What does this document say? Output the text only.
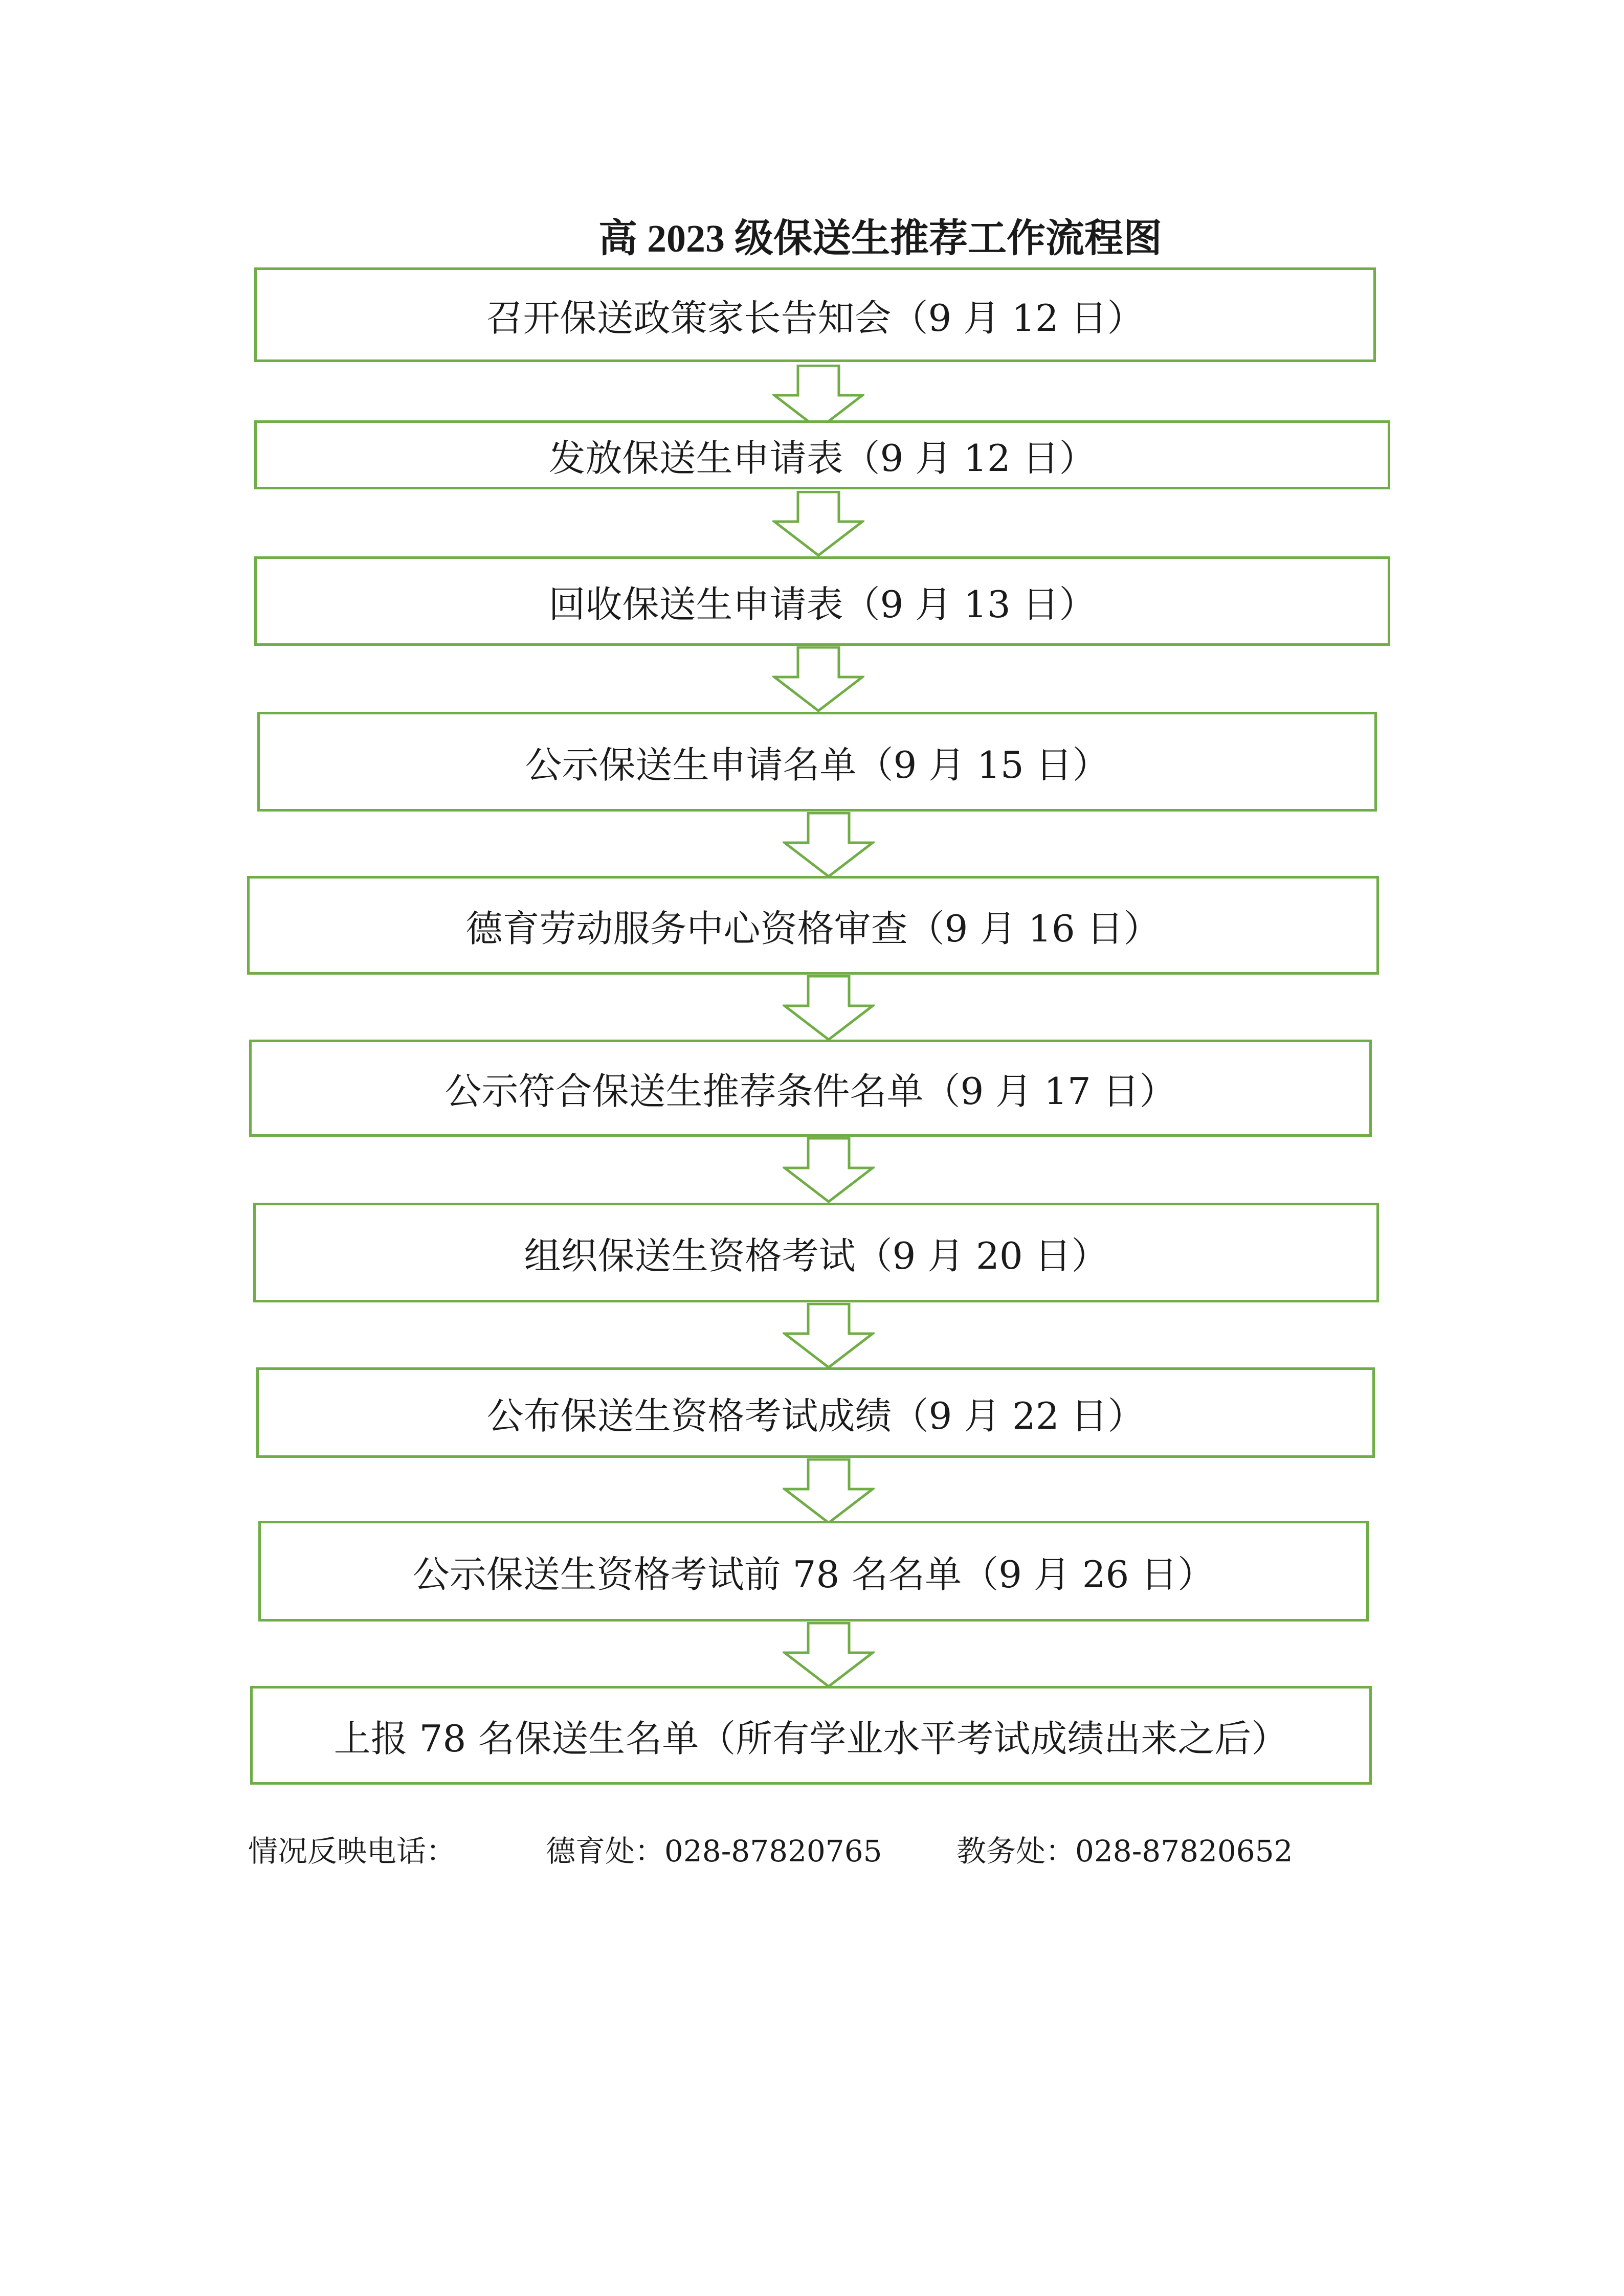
高 2023 级保送生推荐工作流程图
召开保送政策家长告知会（9 月 12 日）
发放保送生申请表（9 月 12 日）
回收保送生申请表（9 月 13 日）
公示保送生申请名单（9 月 15 日）
德育劳动服务中心资格审查（9 月 16 日）
公示符合保送生推荐条件名单（9 月 17 日）
组织保送生资格考试（9 月 20 日）
公布保送生资格考试成绩（9 月 22 日）
公示保送生资格考试前 78 名名单（9 月 26 日）
上报 78 名保送生名单（所有学业水平考试成绩出来之后）
情况反映电话：	德育处：028-87820765	教务处：028-87820652
